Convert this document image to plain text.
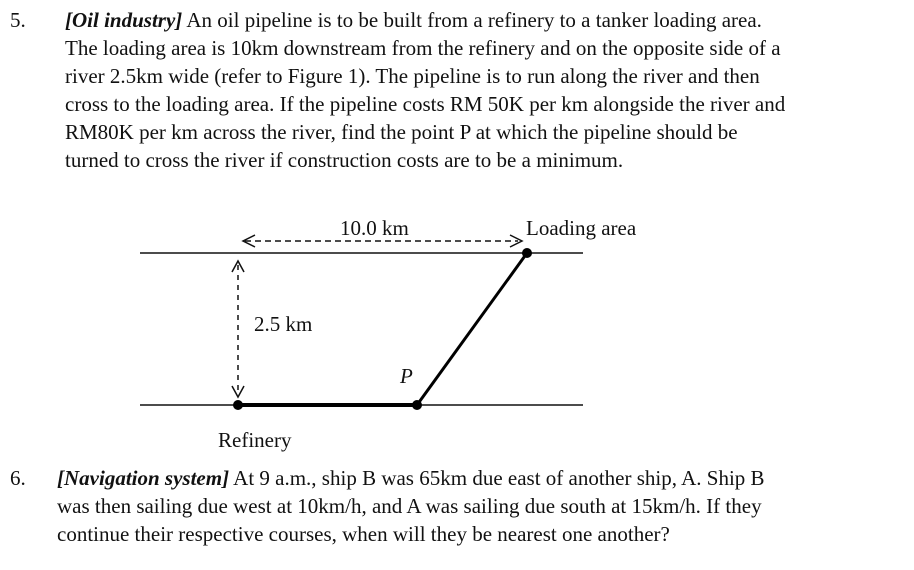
5. [Oil industry] An oil pipeline is to be built from a refinery to a tanker loading area.
The loading area is 10km downstream from the refinery and on the opposite side of a
river 2.5km wide (refer to Figure 1). The pipeline is to run along the river and then
cross to the loading area. If the pipeline costs RM 50K per km alongside the river and
RM80K per km across the river, find the point P at which the pipeline should be
turned to cross the river if construction costs are to be a minimum.
10.0 km	Loading area
2.5 km
P
Refinery
6. [Navigation system] At 9 a.m., ship B was 65km due east of another ship, A. Ship B
was then sailing due west at 10km/h, and A was sailing due south at 15km/h. If they
continue their respective courses, when will they be nearest one another?
